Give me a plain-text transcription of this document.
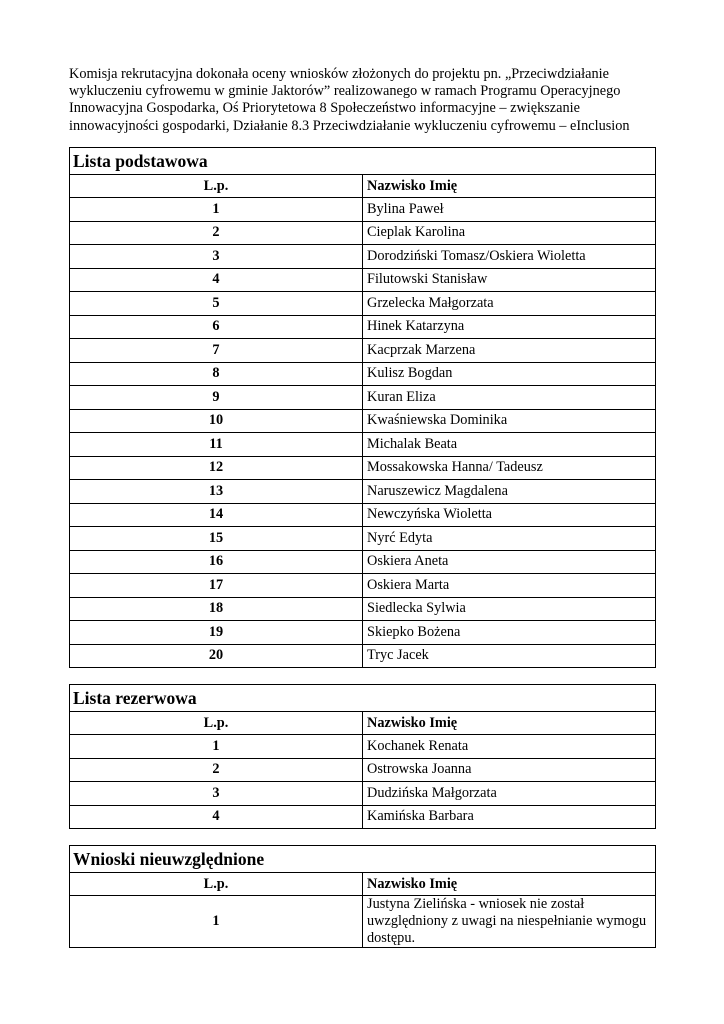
Komisja rekrutacyjna dokonała oceny wniosków złożonych do projektu pn. „Przeciwdziałanie wykluczeniu cyfrowemu w gminie Jaktorów” realizowanego w ramach Programu Operacyjnego Innowacyjna Gospodarka, Oś Priorytetowa 8 Społeczeństwo informacyjne – zwiększanie innowacyjności gospodarki, Działanie 8.3 Przeciwdziałanie wykluczeniu cyfrowemu – eInclusion

Lista podstawowa	
L.p.	Nazwisko Imię
1	Bylina Paweł
2	Cieplak Karolina
3	Dorodziński Tomasz/Oskiera Wioletta
4	Filutowski Stanisław
5	Grzelecka Małgorzata
6	Hinek Katarzyna
7	Kacprzak Marzena
8	Kulisz Bogdan
9	Kuran Eliza
10	Kwaśniewska Dominika
11	Michalak Beata
12	Mossakowska Hanna/ Tadeusz
13	Naruszewicz Magdalena
14	Newczyńska Wioletta
15	Nyrć Edyta
16	Oskiera Aneta
17	Oskiera Marta
18	Siedlecka Sylwia
19	Skiepko Bożena
20	Tryc Jacek
Lista rezerwowa	
L.p.	Nazwisko Imię
1	Kochanek Renata
2	Ostrowska Joanna
3	Dudzińska Małgorzata
4	Kamińska Barbara
Wnioski nieuwzględnione	
L.p.	Nazwisko Imię
1	Justyna Zielińska - wniosek nie został uwzględniony z uwagi na niespełnianie wymogu dostępu.
